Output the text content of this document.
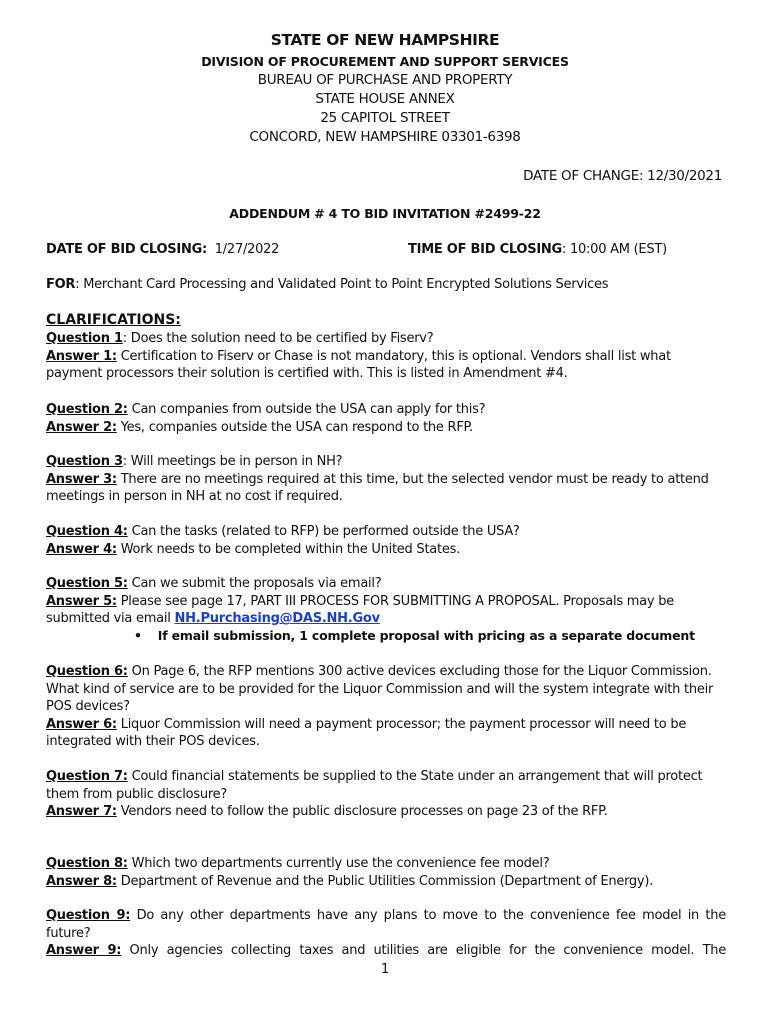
STATE OF NEW HAMPSHIRE
DIVISION OF PROCUREMENT AND SUPPORT SERVICES
BUREAU OF PURCHASE AND PROPERTY
STATE HOUSE ANNEX
25 CAPITOL STREET
CONCORD, NEW HAMPSHIRE 03301-6398
DATE OF CHANGE: 12/30/2021
ADDENDUM # 4 TO BID INVITATION #2499-22
DATE OF BID CLOSING: 1/27/2022	TIME OF BID CLOSING: 10:00 AM (EST)
FOR: Merchant Card Processing and Validated Point to Point Encrypted Solutions Services
CLARIFICATIONS:

Question 1: Does the solution need to be certified by Fiserv?

Answer 1: Certification to Fiserv or Chase is not mandatory, this is optional. Vendors shall list what payment processors their solution is certified with. This is listed in Amendment #4.

Question 2: Can companies from outside the USA can apply for this?

Answer 2: Yes, companies outside the USA can respond to the RFP.

Question 3: Will meetings be in person in NH?

Answer 3: There are no meetings required at this time, but the selected vendor must be ready to attend meetings in person in NH at no cost if required.

Question 4: Can the tasks (related to RFP) be performed outside the USA?

Answer 4: Work needs to be completed within the United States.

Question 5: Can we submit the proposals via email?

Answer 5: Please see page 17, PART III PROCESS FOR SUBMITTING A PROPOSAL. Proposals may be submitted via email NH.Purchasing@DAS.NH.Gov

• If email submission, 1 complete proposal with pricing as a separate document

Question 6: On Page 6, the RFP mentions 300 active devices excluding those for the Liquor Commission. What kind of service are to be provided for the Liquor Commission and will the system integrate with their POS devices?

Answer 6: Liquor Commission will need a payment processor; the payment processor will need to be integrated with their POS devices.

Question 7: Could financial statements be supplied to the State under an arrangement that will protect them from public disclosure?

Answer 7: Vendors need to follow the public disclosure processes on page 23 of the RFP.

Question 8: Which two departments currently use the convenience fee model?

Answer 8: Department of Revenue and the Public Utilities Commission (Department of Energy).

Question 9: Do any other departments have any plans to move to the convenience fee model in the future?

Answer 9: Only agencies collecting taxes and utilities are eligible for the convenience model. The

1
